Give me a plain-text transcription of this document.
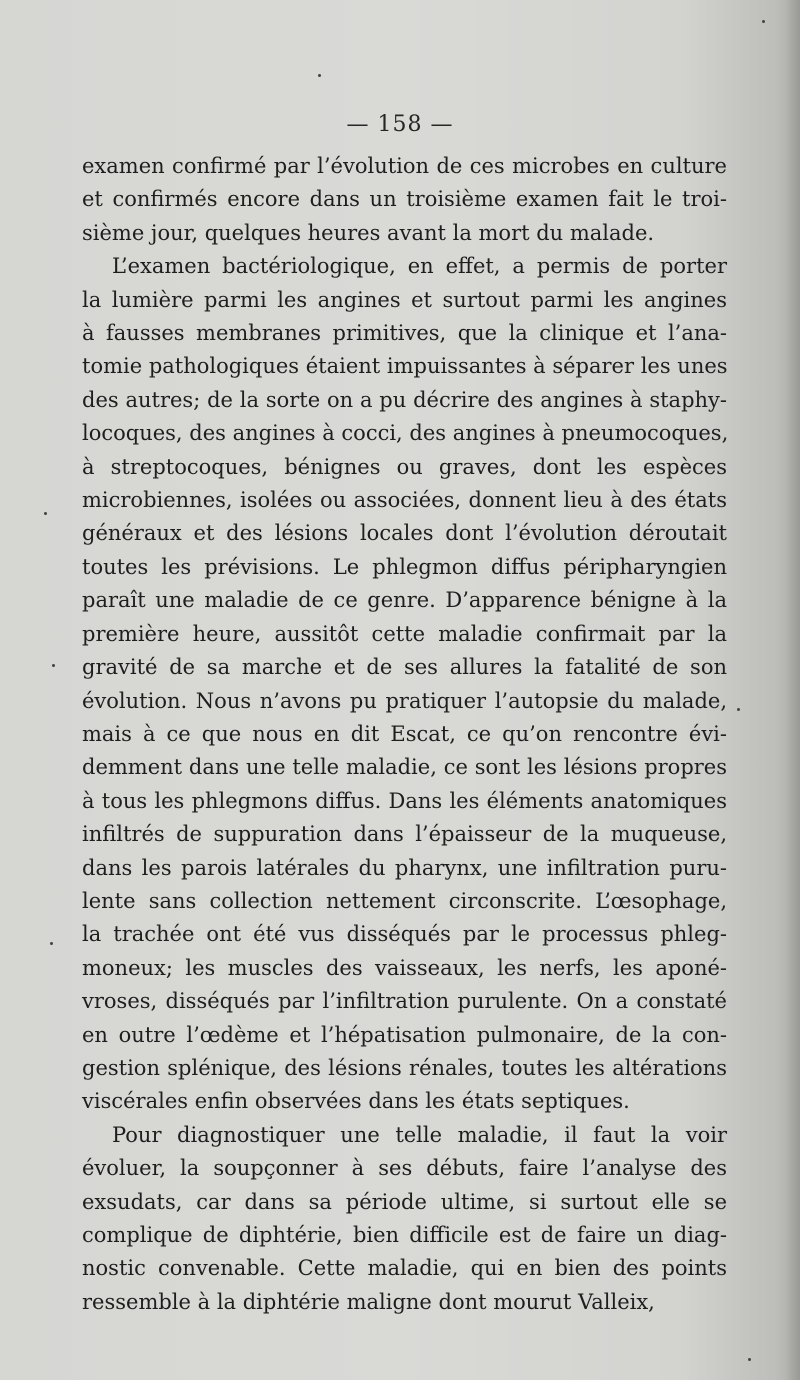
— 158 —
examen confirmé par l’évolution de ces microbes en culture
et confirmés encore dans un troisième examen fait le troi-
sième jour, quelques heures avant la mort du malade.
L’examen bactériologique, en effet, a permis de porter
la lumière parmi les angines et surtout parmi les angines
à fausses membranes primitives, que la clinique et l’ana-
tomie pathologiques étaient impuissantes à séparer les unes
des autres; de la sorte on a pu décrire des angines à staphy-
locoques, des angines à cocci, des angines à pneumocoques,
à streptocoques, bénignes ou graves, dont les espèces
microbiennes, isolées ou associées, donnent lieu à des états
généraux et des lésions locales dont l’évolution déroutait
toutes les prévisions. Le phlegmon diffus péripharyngien
paraît une maladie de ce genre. D’apparence bénigne à la
première heure, aussitôt cette maladie confirmait par la
gravité de sa marche et de ses allures la fatalité de son
évolution. Nous n’avons pu pratiquer l’autopsie du malade,
mais à ce que nous en dit Escat, ce qu’on rencontre évi-
demment dans une telle maladie, ce sont les lésions propres
à tous les phlegmons diffus. Dans les éléments anatomiques
infiltrés de suppuration dans l’épaisseur de la muqueuse,
dans les parois latérales du pharynx, une infiltration puru-
lente sans collection nettement circonscrite. L’œsophage,
la trachée ont été vus disséqués par le processus phleg-
moneux; les muscles des vaisseaux, les nerfs, les aponé-
vroses, disséqués par l’infiltration purulente. On a constaté
en outre l’œdème et l’hépatisation pulmonaire, de la con-
gestion splénique, des lésions rénales, toutes les altérations
viscérales enfin observées dans les états septiques.
Pour diagnostiquer une telle maladie, il faut la voir
évoluer, la soupçonner à ses débuts, faire l’analyse des
exsudats, car dans sa période ultime, si surtout elle se
complique de diphtérie, bien difficile est de faire un diag-
nostic convenable. Cette maladie, qui en bien des points
ressemble à la diphtérie maligne dont mourut Valleix,
